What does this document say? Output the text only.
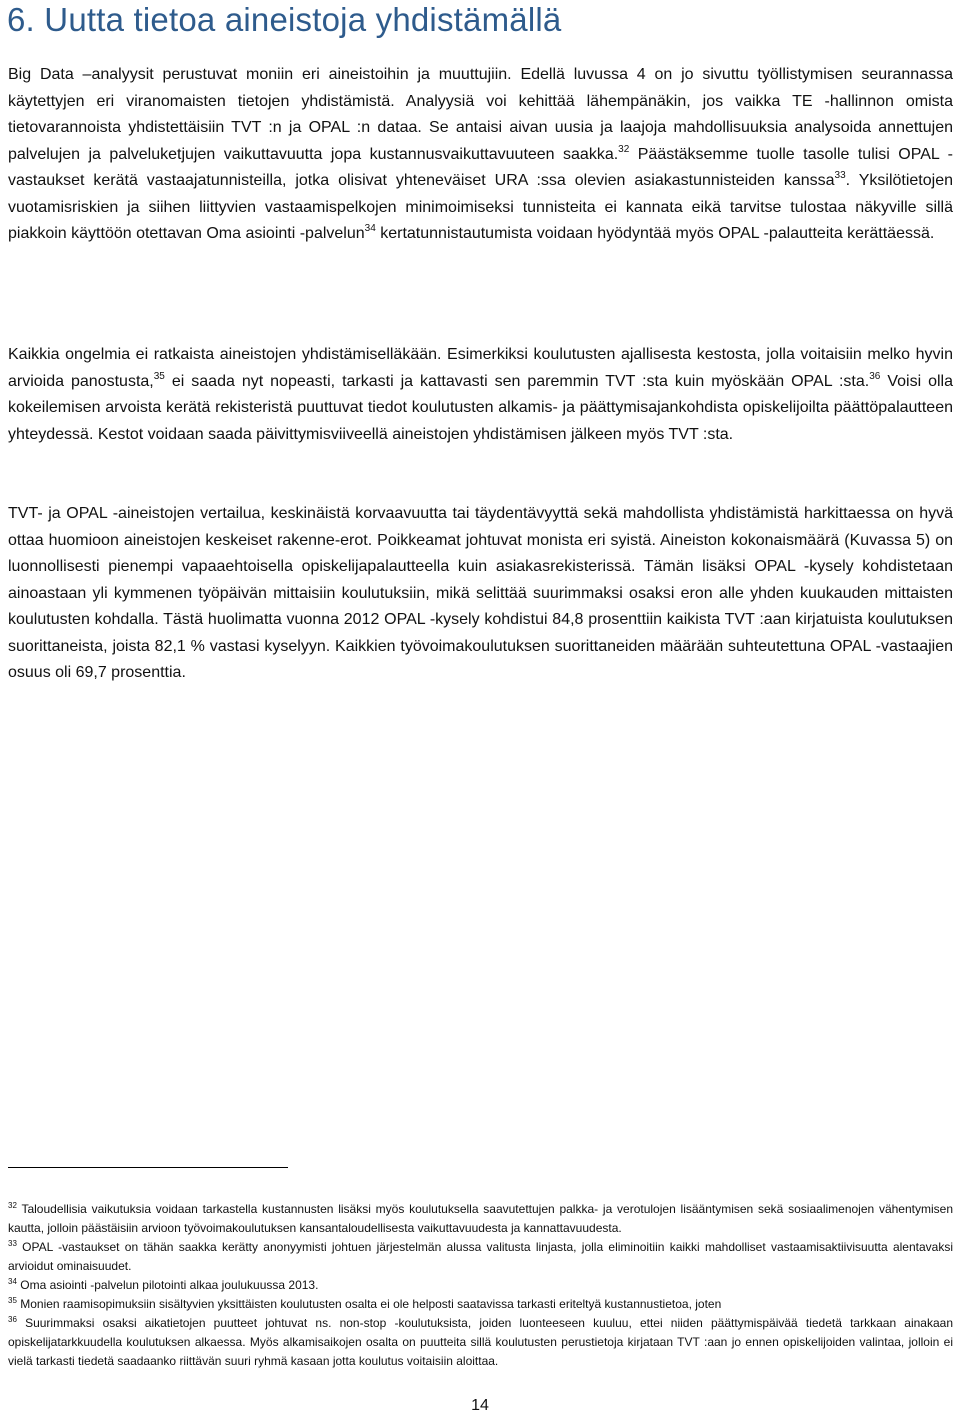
6. Uutta tietoa aineistoja yhdistämällä

Big Data –analyysit perustuvat moniin eri aineistoihin ja muuttujiin. Edellä luvussa 4 on jo sivuttu työllistymisen seurannassa käytettyjen eri viranomaisten tietojen yhdistämistä. Analyysiä voi kehittää lähempänäkin, jos vaikka TE -hallinnon omista tietovarannoista yhdistettäisiin TVT :n ja OPAL :n dataa. Se antaisi aivan uusia ja laajoja mahdollisuuksia analysoida annettujen palvelujen ja palveluketjujen vaikuttavuutta jopa kustannusvaikuttavuuteen saakka.$^{32}$ Päästäksemme tuolle tasolle tulisi OPAL -vastaukset kerätä vastaajatunnisteilla, jotka olisivat yhteneväiset URA :ssa olevien asiakastunnisteiden kanssa$^{33}$. Yksilötietojen vuotamisriskien ja siihen liittyvien vastaamispelkojen minimoimiseksi tunnisteita ei kannata eikä tarvitse tulostaa näkyville sillä piakkoin käyttöön otettavan Oma asiointi -palvelun$^{34}$ kertatunnistautumista voidaan hyödyntää myös OPAL -palautteita kerättäessä.

Kaikkia ongelmia ei ratkaista aineistojen yhdistämiselläkään. Esimerkiksi koulutusten ajallisesta kestosta, jolla voitaisiin melko hyvin arvioida panostusta,$^{35}$ ei saada nyt nopeasti, tarkasti ja kattavasti sen paremmin TVT :sta kuin myöskään OPAL :sta.$^{36}$ Voisi olla kokeilemisen arvoista kerätä rekisteristä puuttuvat tiedot koulutusten alkamis- ja päättymisajankohdista opiskelijoilta päättöpalautteen yhteydessä. Kestot voidaan saada päivittymisviiveellä aineistojen yhdistämisen jälkeen myös TVT :sta.

TVT- ja OPAL -aineistojen vertailua, keskinäistä korvaavuutta tai täydentävyyttä sekä mahdollista yhdistämistä harkittaessa on hyvä ottaa huomioon aineistojen keskeiset rakenne-erot. Poikkeamat johtuvat monista eri syistä. Aineiston kokonaismäärä (Kuvassa 5) on luonnollisesti pienempi vapaaehtoisella opiskelijapalautteella kuin asiakasrekisterissä. Tämän lisäksi OPAL -kysely kohdistetaan ainoastaan yli kymmenen työpäivän mittaisiin koulutuksiin, mikä selittää suurimmaksi osaksi eron alle yhden kuukauden mittaisten koulutusten kohdalla. Tästä huolimatta vuonna 2012 OPAL -kysely kohdistui 84,8 prosenttiin kaikista TVT :aan kirjatuista koulutuksen suorittaneista, joista 82,1 % vastasi kyselyyn. Kaikkien työvoimakoulutuksen suorittaneiden määrään suhteutettuna OPAL -vastaajien osuus oli 69,7 prosenttia.

$^{32}$ Taloudellisia vaikutuksia voidaan tarkastella kustannusten lisäksi myös koulutuksella saavutettujen palkka- ja verotulojen lisääntymisen sekä sosiaalimenojen vähentymisen kautta, jolloin päästäisiin arvioon työvoimakoulutuksen kansantaloudellisesta vaikuttavuudesta ja kannattavuudesta.

$^{33}$ OPAL -vastaukset on tähän saakka kerätty anonyymisti johtuen järjestelmän alussa valitusta linjasta, jolla eliminoitiin kaikki mahdolliset vastaamisaktiivisuutta alentavaksi arvioidut ominaisuudet.

$^{34}$ Oma asiointi -palvelun pilotointi alkaa joulukuussa 2013.

$^{35}$ Monien raamisopimuksiin sisältyvien yksittäisten koulutusten osalta ei ole helposti saatavissa tarkasti eriteltyä kustannustietoa, joten

$^{36}$ Suurimmaksi osaksi aikatietojen puutteet johtuvat ns. non-stop -koulutuksista, joiden luonteeseen kuuluu, ettei niiden päättymispäivää tiedetä tarkkaan ainakaan opiskelijatarkkuudella koulutuksen alkaessa. Myös alkamisaikojen osalta on puutteita sillä koulutusten perustietoja kirjataan TVT :aan jo ennen opiskelijoiden valintaa, jolloin ei vielä tarkasti tiedetä saadaanko riittävän suuri ryhmä kasaan jotta koulutus voitaisiin aloittaa.

14
